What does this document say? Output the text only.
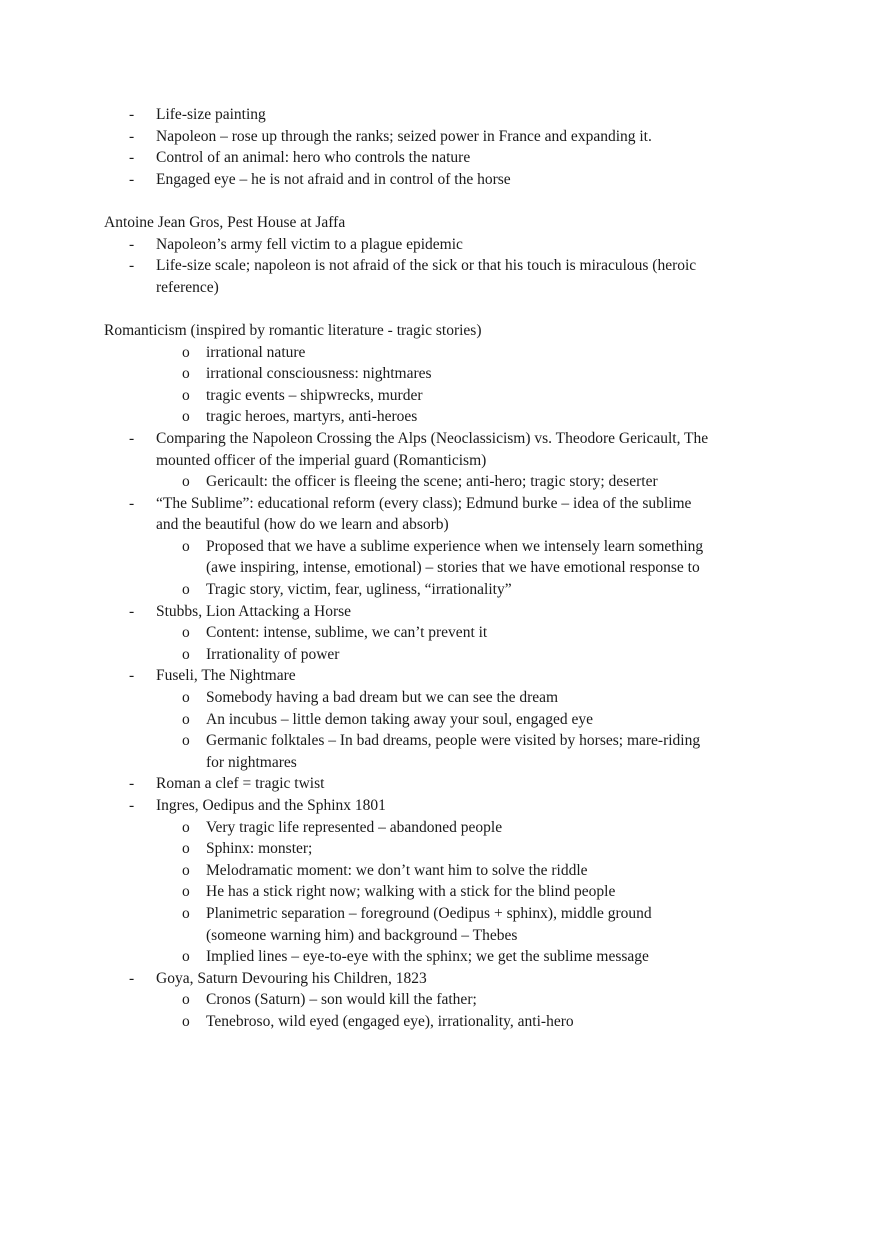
- Life-size painting
- Napoleon – rose up through the ranks; seized power in France and expanding it.
- Control of an animal: hero who controls the nature
- Engaged eye – he is not afraid and in control of the horse
Antoine Jean Gros, Pest House at Jaffa
- Napoleon’s army fell victim to a plague epidemic
- Life-size scale; napoleon is not afraid of the sick or that his touch is miraculous (heroic
reference)
Romanticism (inspired by romantic literature - tragic stories)
o irrational nature
o irrational consciousness: nightmares
o tragic events – shipwrecks, murder
o tragic heroes, martyrs, anti-heroes
- Comparing the Napoleon Crossing the Alps (Neoclassicism) vs. Theodore Gericault, The
mounted officer of the imperial guard (Romanticism)
o Gericault: the officer is fleeing the scene; anti-hero; tragic story; deserter
- “The Sublime”: educational reform (every class); Edmund burke – idea of the sublime
and the beautiful (how do we learn and absorb)
o Proposed that we have a sublime experience when we intensely learn something
(awe inspiring, intense, emotional) – stories that we have emotional response to
o Tragic story, victim, fear, ugliness, “irrationality”
- Stubbs, Lion Attacking a Horse
o Content: intense, sublime, we can’t prevent it
o Irrationality of power
- Fuseli, The Nightmare
o Somebody having a bad dream but we can see the dream
o An incubus – little demon taking away your soul, engaged eye
o Germanic folktales – In bad dreams, people were visited by horses; mare-riding
for nightmares
- Roman a clef = tragic twist
- Ingres, Oedipus and the Sphinx 1801
o Very tragic life represented – abandoned people
o Sphinx: monster;
o Melodramatic moment: we don’t want him to solve the riddle
o He has a stick right now; walking with a stick for the blind people
o Planimetric separation – foreground (Oedipus + sphinx), middle ground
(someone warning him) and background – Thebes
o Implied lines – eye-to-eye with the sphinx; we get the sublime message
- Goya, Saturn Devouring his Children, 1823
o Cronos (Saturn) – son would kill the father;
o Tenebroso, wild eyed (engaged eye), irrationality, anti-hero
